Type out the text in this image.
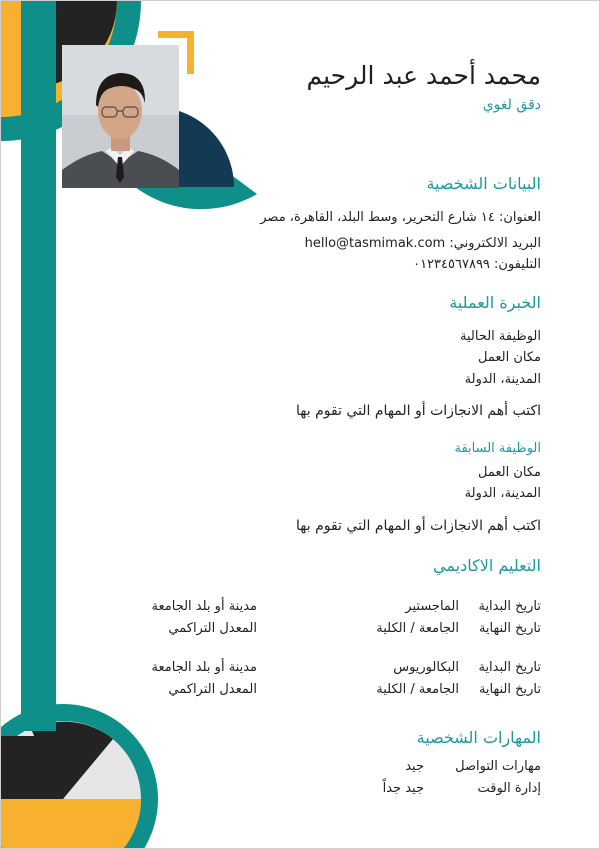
محمد أحمد عبد الرحيم
دقق لغوي
البيانات الشخصية
العنوان: ١٤ شارع التحرير، وسط البلد، القاهرة، مصر
البريد الالكتروني: hello@tasmimak.com
التليفون: ٠١٢٣٤٥٦٧٨٩٩
الخبرة العملية
الوظيفة الحالية
مكان العمل
المدينة، الدولة
اكتب أهم الانجازات أو المهام التي تقوم بها
الوظيفة السابقة
مكان العمل
المدينة، الدولة
اكتب أهم الانجازات أو المهام التي تقوم بها
التعليم الاكاديمي
تاريخ البداية
تاريخ النهاية
الماجستير
الجامعة / الكلية
مدينة أو بلد الجامعة
المعدل التراكمي
تاريخ البداية
تاريخ النهاية
البكالوريوس
الجامعة / الكلية
مدينة أو بلد الجامعة
المعدل التراكمي
المهارات الشخصية
مهارات التواصل
جيد
إدارة الوقت
جيد جداً
